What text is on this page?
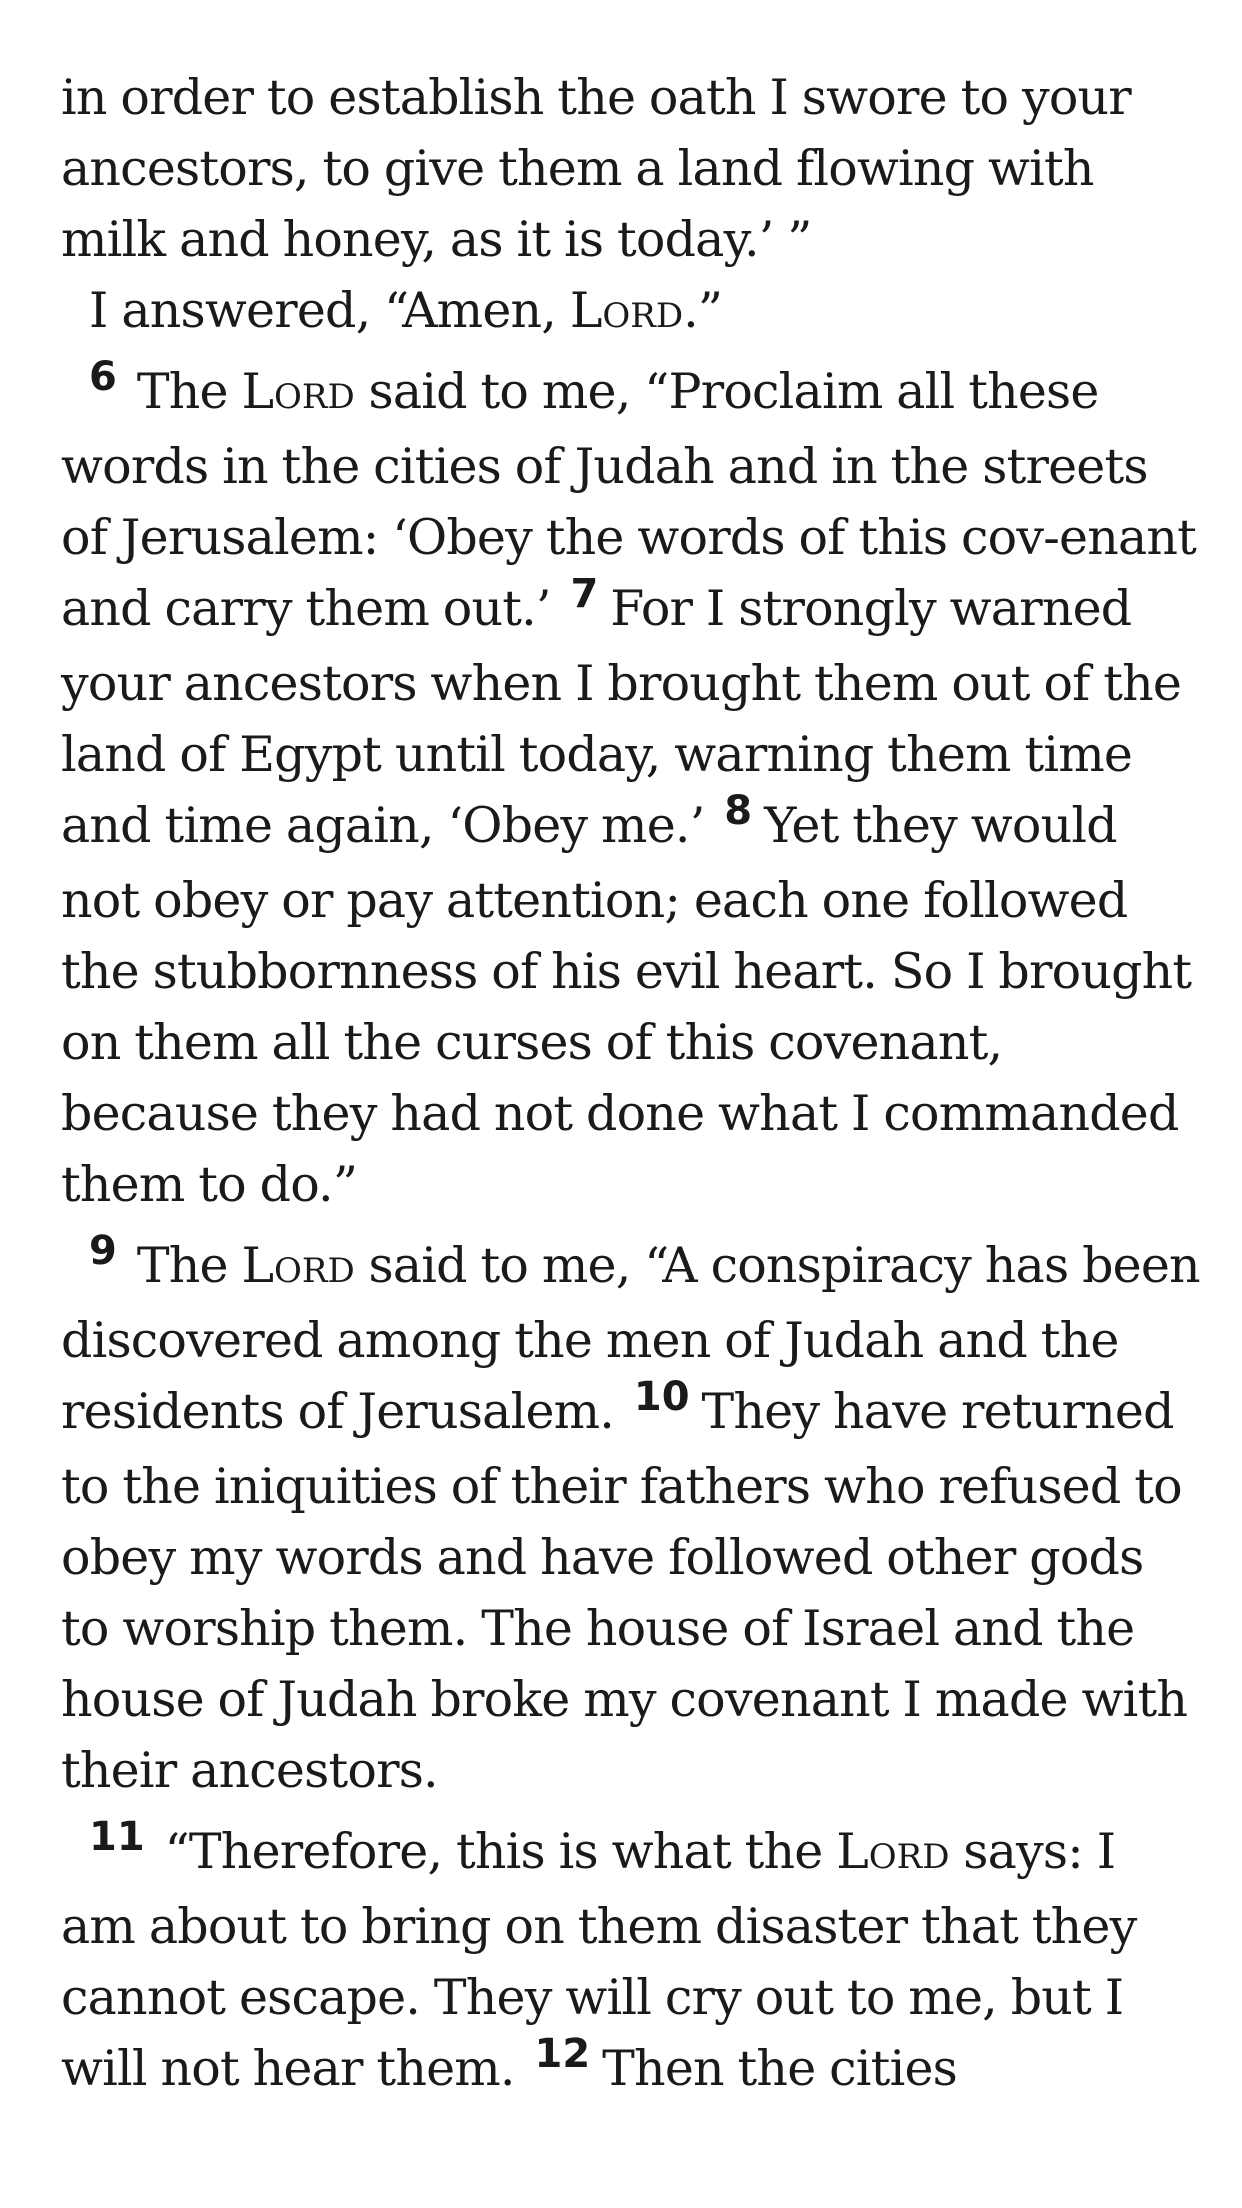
in order to establish the oath I swore to your ancestors, to give them a land flowing with milk and honey, as it is today.’ ”

I answered, “Amen, Lord.”

$^6$ The Lord said to me, “Proclaim all these words in the cities of Judah and in the streets of Jerusalem: ‘Obey the words of this cov-enant and carry them out.’ $^7$ For I strongly warned your ancestors when I brought them out of the land of Egypt until today, warning them time and time again, ‘Obey me.’ $^8$ Yet they would not obey or pay attention; each one followed the stubbornness of his evil heart. So I brought on them all the curses of this covenant, because they had not done what I commanded them to do.”

$^9$ The Lord said to me, “A conspiracy has been discovered among the men of Judah and the residents of Jerusalem. $^{10}$ They have returned to the iniquities of their fathers who refused to obey my words and have followed other gods to worship them. The house of Israel and the house of Judah broke my covenant I made with their ancestors.

$^{11}$ “Therefore, this is what the Lord says: I am about to bring on them disaster that they cannot escape. They will cry out to me, but I will not hear them. $^{12}$ Then the cities
